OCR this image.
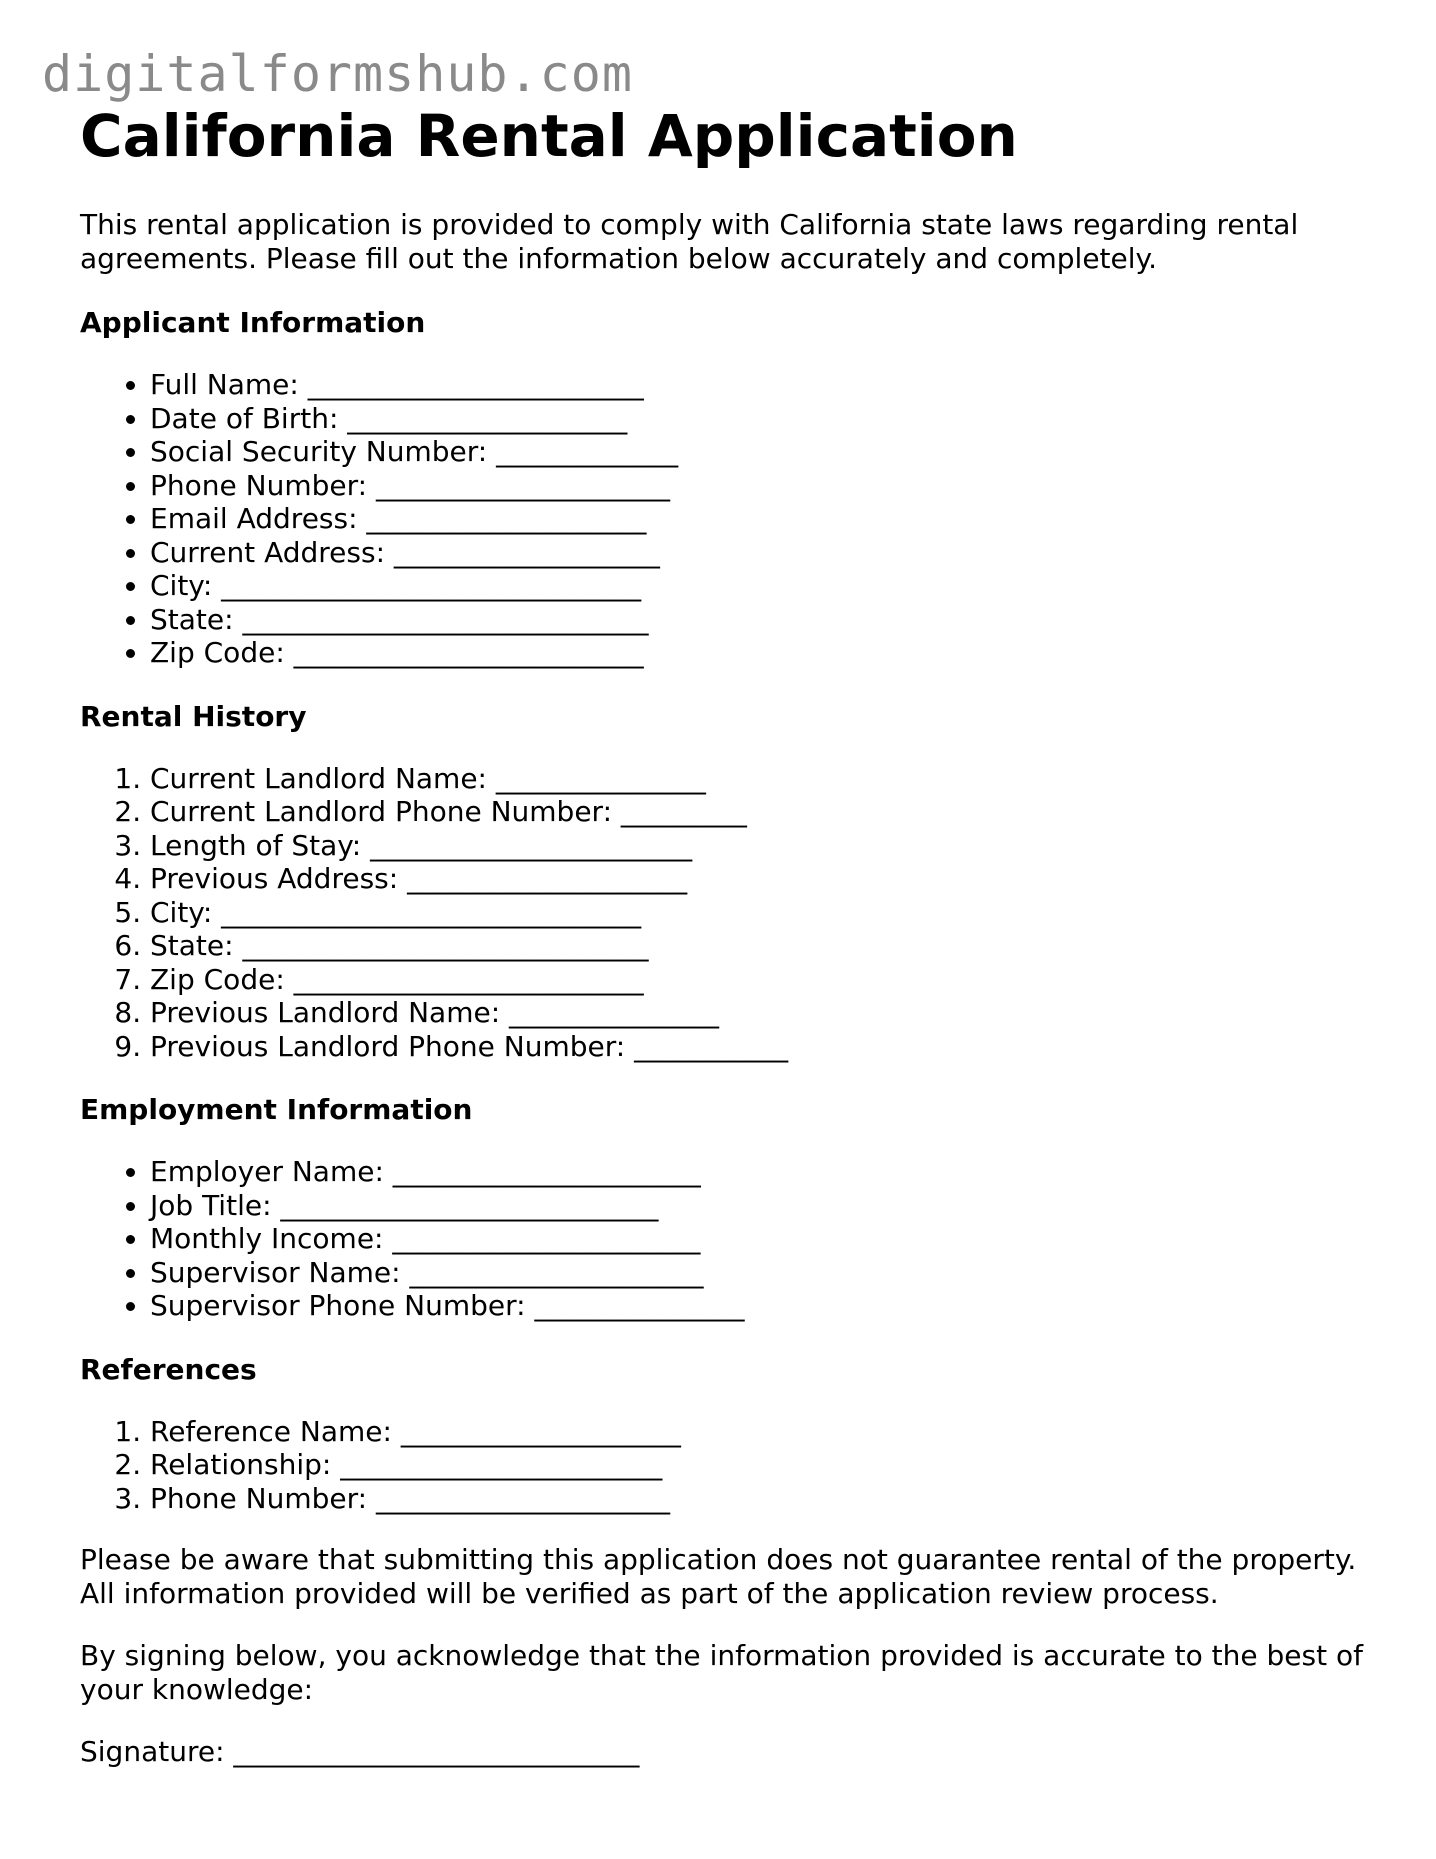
digitalformshub.com
California Rental Application

This rental application is provided to comply with California state laws regarding rental agreements. Please fill out the information below accurately and completely.

Applicant Information
• Full Name: ________________________
• Date of Birth: ____________________
• Social Security Number: _____________
• Phone Number: _____________________
• Email Address: ____________________
• Current Address: ___________________
• City: ______________________________
• State: _____________________________
• Zip Code: _________________________
Rental History
1. Current Landlord Name: _______________
2. Current Landlord Phone Number: _________
3. Length of Stay: _______________________
4. Previous Address: ____________________
5. City: ______________________________
6. State: _____________________________
7. Zip Code: _________________________
8. Previous Landlord Name: _______________
9. Previous Landlord Phone Number: ___________
Employment Information
• Employer Name: ______________________
• Job Title: ___________________________
• Monthly Income: ______________________
• Supervisor Name: _____________________
• Supervisor Phone Number: _______________
References
1. Reference Name: ____________________
2. Relationship: _______________________
3. Phone Number: _____________________

Please be aware that submitting this application does not guarantee rental of the property. All information provided will be verified as part of the application review process.

By signing below, you acknowledge that the information provided is accurate to the best of your knowledge:

Signature: _____________________________
